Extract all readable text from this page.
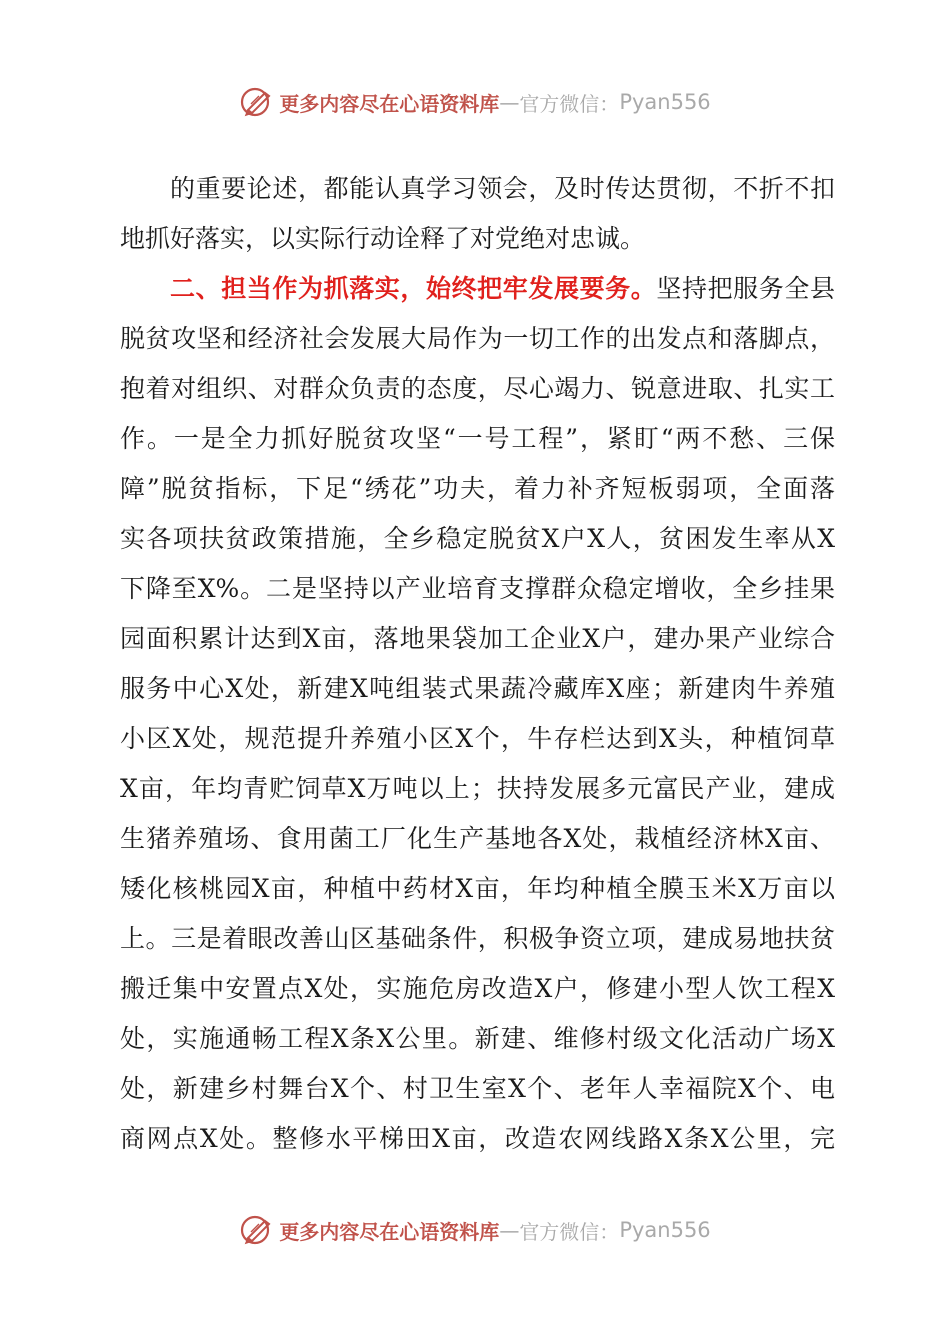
更多内容尽在心语资料库 — 官方微信： Pyan556
的重要论述，都能认真学习领会，及时传达贯彻，不折不扣
地抓好落实，以实际行动诠释了对党绝对忠诚。
二、担当作为抓落实，始终把牢发展要务。坚持把服务全县
脱贫攻坚和经济社会发展大局作为一切工作的出发点和落脚点，
抱着对组织、对群众负责的态度，尽心竭力、锐意进取、扎实工
作。一是全力抓好脱贫攻坚“一号工程”，紧盯“两不愁、三保
障”脱贫指标，下足“绣花”功夫，着力补齐短板弱项，全面落
实各项扶贫政策措施，全乡稳定脱贫X户X人，贫困发生率从X
下降至X%。二是坚持以产业培育支撑群众稳定增收，全乡挂果
园面积累计达到X亩，落地果袋加工企业X户，建办果产业综合
服务中心X处，新建X吨组装式果蔬冷藏库X座；新建肉牛养殖
小区X处，规范提升养殖小区X个，牛存栏达到X头，种植饲草
X亩，年均青贮饲草X万吨以上；扶持发展多元富民产业，建成
生猪养殖场、食用菌工厂化生产基地各X处，栽植经济林X亩、
矮化核桃园X亩，种植中药材X亩，年均种植全膜玉米X万亩以
上。三是着眼改善山区基础条件，积极争资立项，建成易地扶贫
搬迁集中安置点X处，实施危房改造X户，修建小型人饮工程X
处，实施通畅工程X条X公里。新建、维修村级文化活动广场X
处，新建乡村舞台X个、村卫生室X个、老年人幸福院X个、电
商网点X处。整修水平梯田X亩，改造农网线路X条X公里，完
更多内容尽在心语资料库 — 官方微信： Pyan556
